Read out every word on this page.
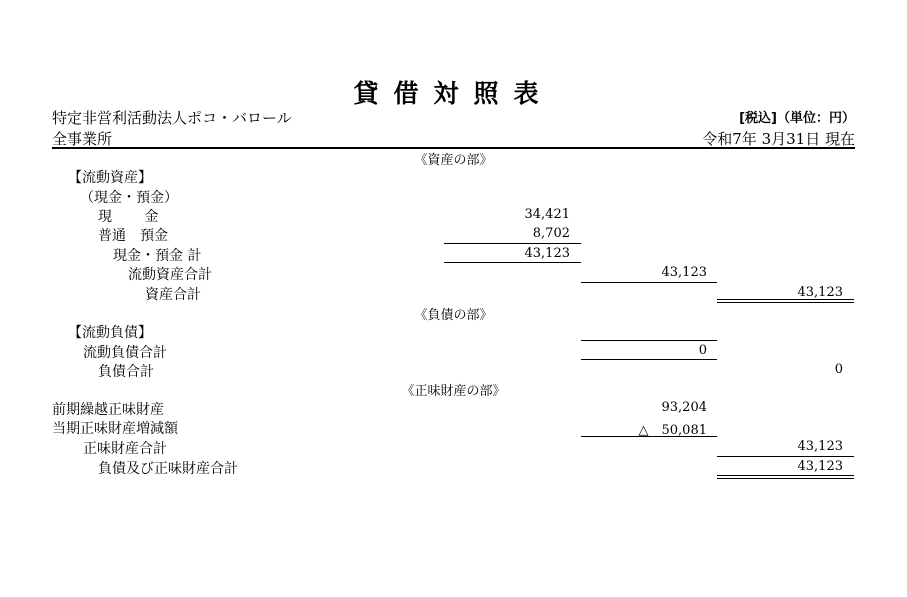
貸借対照表
特定非営利活動法人ポコ・バロール	[税込]（単位：円）
全事業所	令和7年 3月31日 現在
《資産の部》
【流動資産】
（現金・預金）
現　　 金	34,421
普通　預金	8,702
現金・預金 計	43,123
流動資産合計	43,123
資産合計	43,123
《負債の部》
【流動負債】
流動負債合計	0
負債合計	0
《正味財産の部》
前期繰越正味財産	93,204
当期正味財産増減額	△　50,081
正味財産合計	43,123
負債及び正味財産合計	43,123
